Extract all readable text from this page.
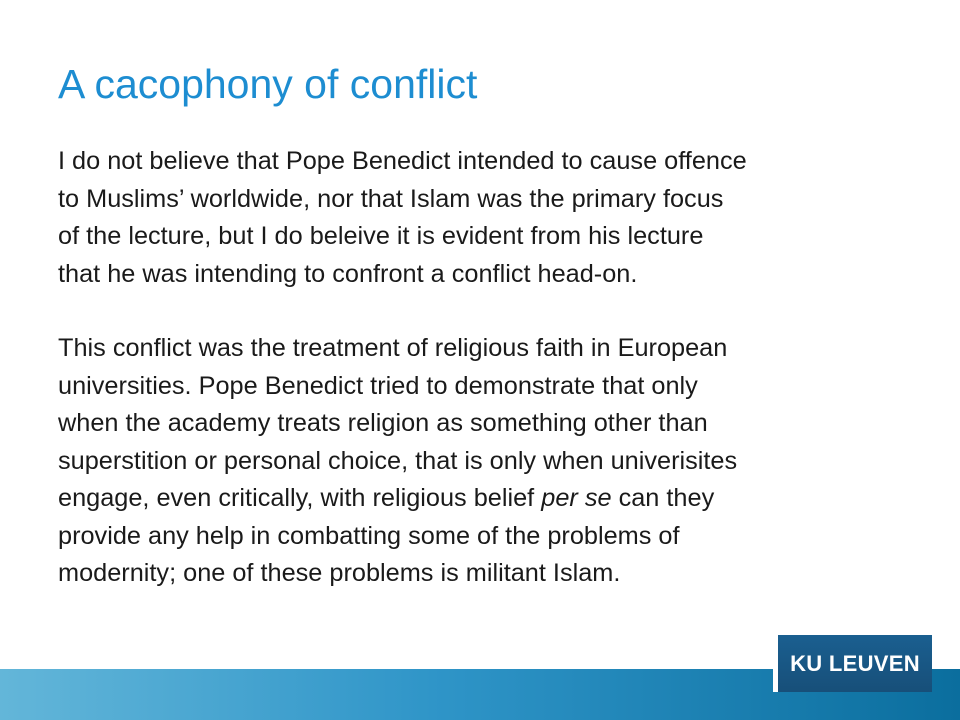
A cacophony of conflict

I do not believe that Pope Benedict intended to cause offence
to Muslims’ worldwide, nor that Islam was the primary focus
of the lecture, but I do beleive it is evident from his lecture
that he was intending to confront a conflict head-on.

This conflict was the treatment of religious faith in European
universities. Pope Benedict tried to demonstrate that only
when the academy treats religion as something other than
superstition or personal choice, that is only when univerisites
engage, even critically, with religious belief per se can they
provide any help in combatting some of the problems of
modernity; one of these problems is militant Islam.

KU LEUVEN
